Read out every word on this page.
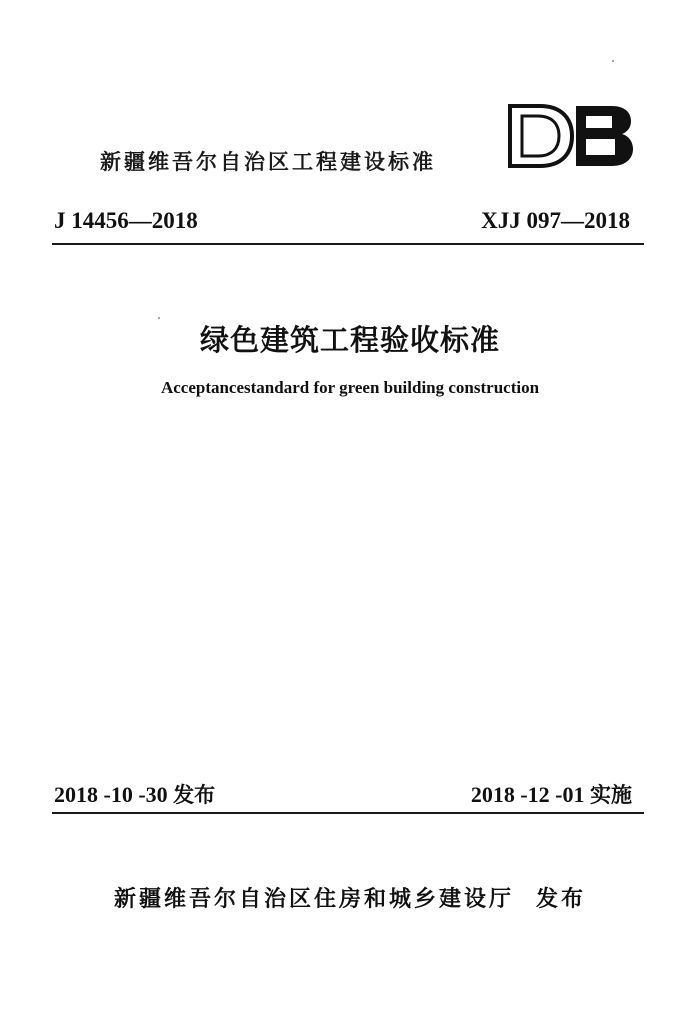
新疆维吾尔自治区工程建设标准
J 14456—2018	XJJ 097—2018
绿色建筑工程验收标准
Acceptancestandard for green building construction
2018 -10 -30 发布	2018 -12 -01 实施
新疆维吾尔自治区住房和城乡建设厅 发布
